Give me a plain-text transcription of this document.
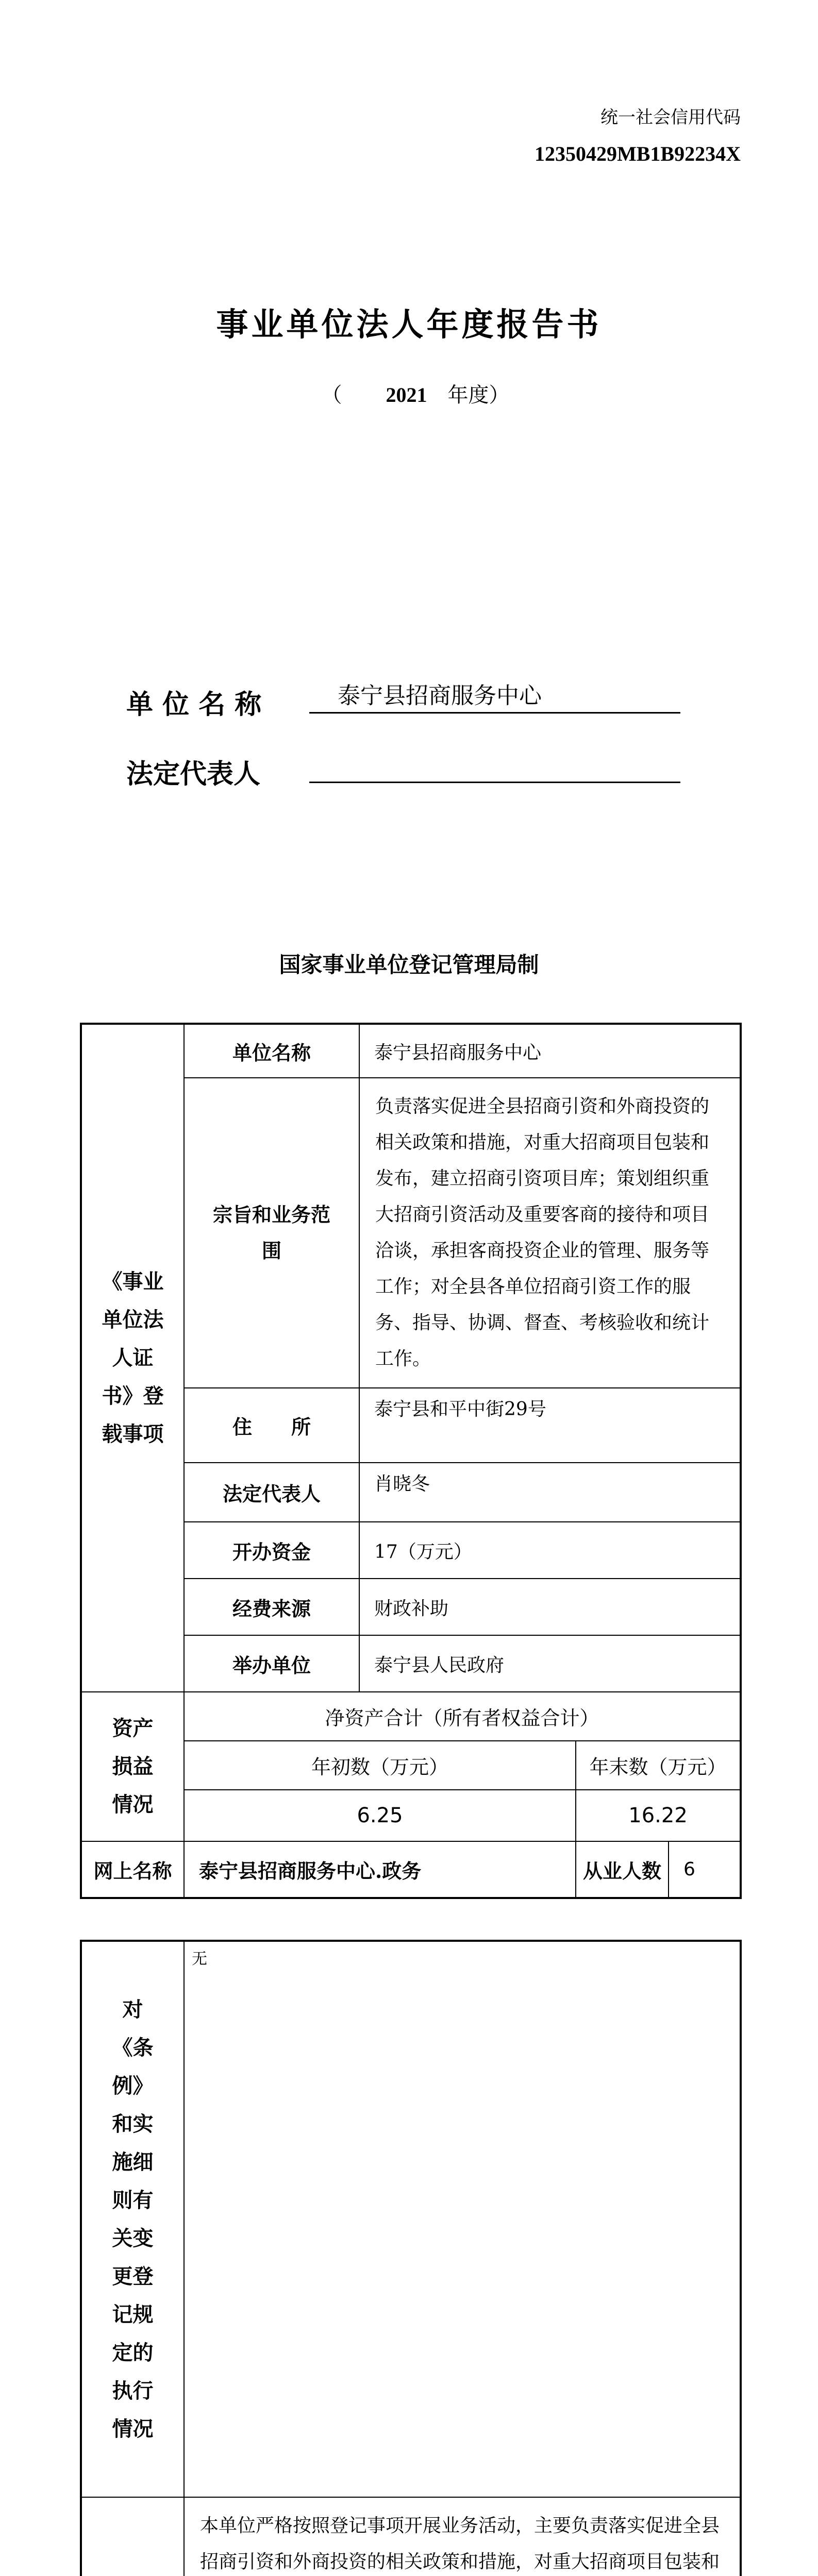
统一社会信用代码
12350429MB1B92234X
事业单位法人年度报告书
（ 2021 年度）
单 位 名 称	泰宁县招商服务中心
法定代表人
国家事业单位登记管理局制
《事业单位法人证书》登载事项	单位名称	泰宁县招商服务中心		

	宗旨和业务范围	负责落实促进全县招商引资和外商投资的相关政策和措施，对重大招商项目包装和发布，建立招商引资项目库；策划组织重大招商引资活动及重要客商的接待和项目洽谈，承担客商投资企业的管理、服务等工作；对全县各单位招商引资工作的服务、指导、协调、督查、考核验收和统计工作。		
	住　　所	泰宁县和平中街29号		
	法定代表人	肖晓冬		
	开办资金	17（万元）		
	经费来源	财政补助		
	举办单位	泰宁县人民政府		

资产损益情况	净资产合计（所有者权益合计）			
	年初数（万元）		年末数（万元）	
	6.25		16.22	
网上名称	泰宁县招商服务中心.政务		从业人数	6
对《条例》和实施细则有关变更登记规定的执行情况	无

	本单位严格按照登记事项开展业务活动，主要负责落实促进全县招商引资和外商投资的相关政策和措施，对重大招商项目包装和
